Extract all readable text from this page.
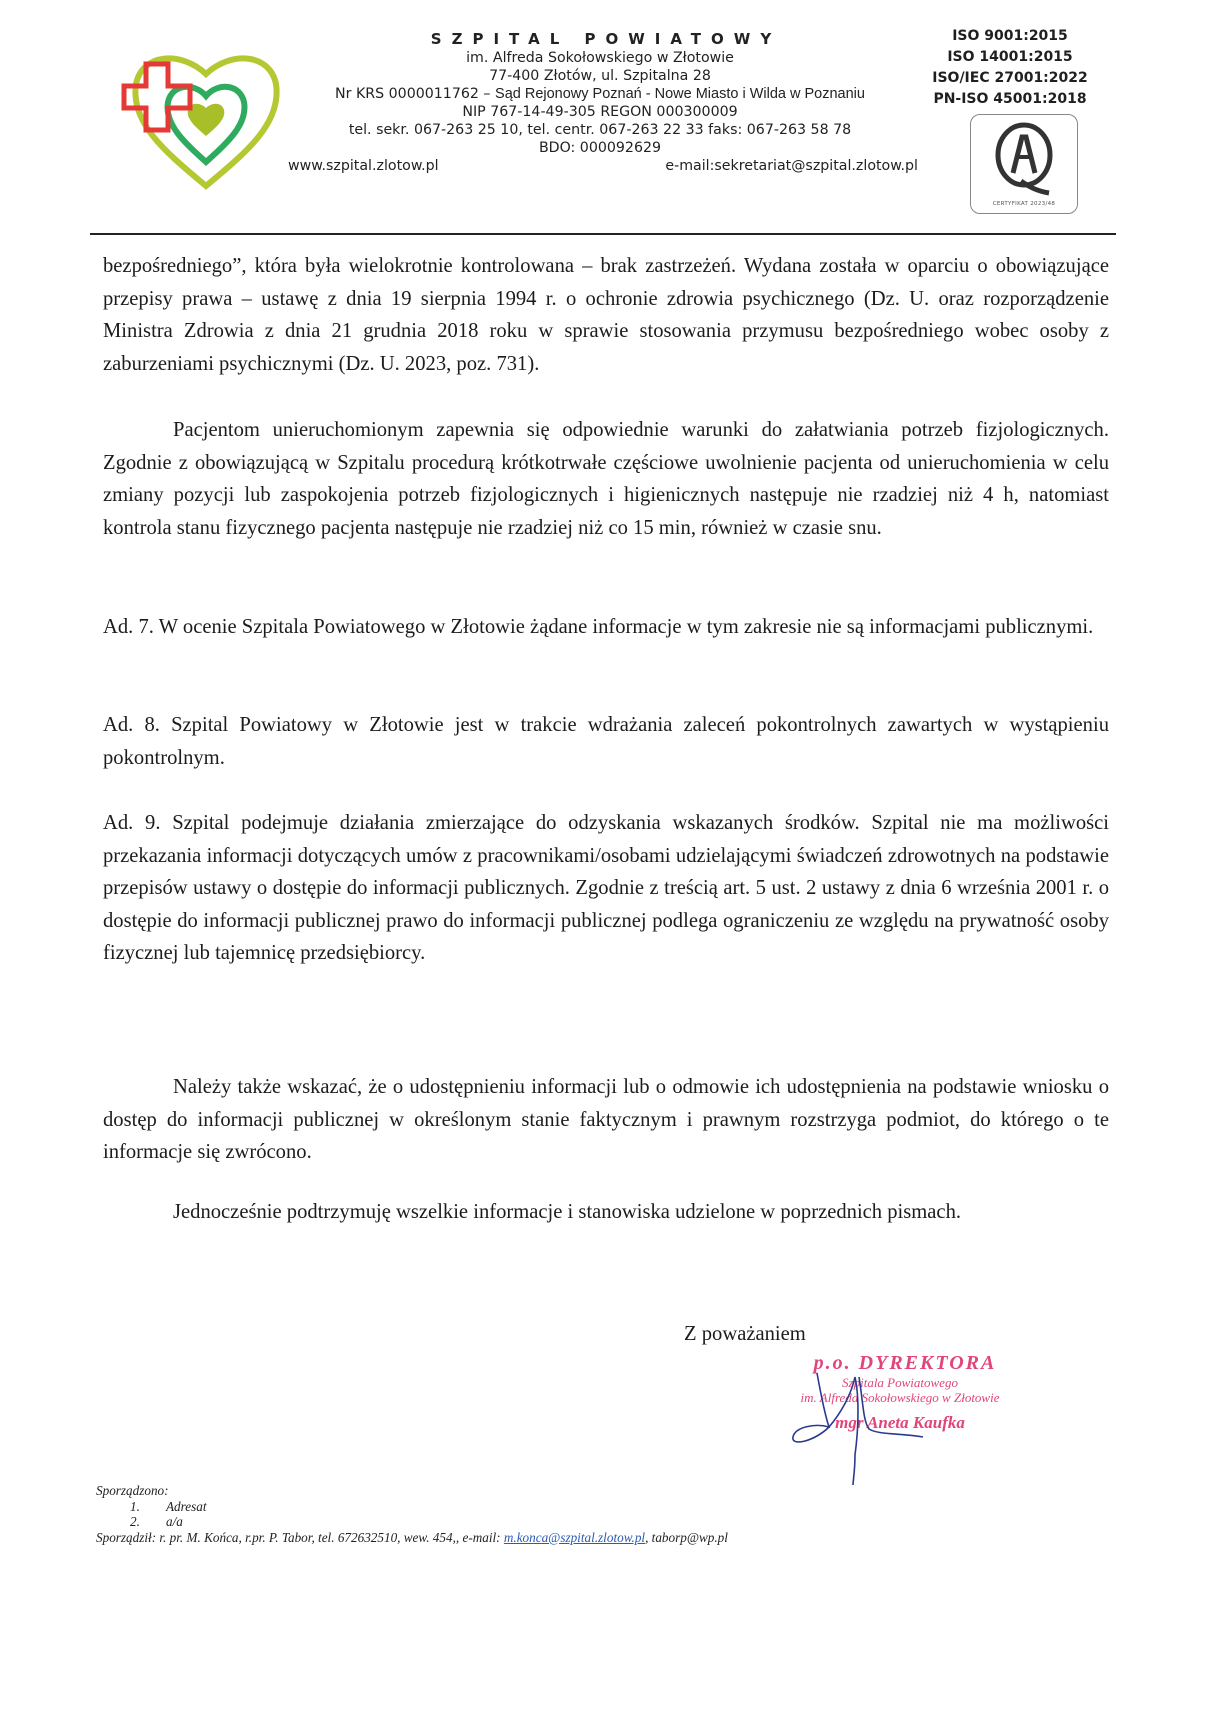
SZPITAL POWIATOWY
im. Alfreda Sokołowskiego w Złotowie
77-400 Złotów, ul. Szpitalna 28
Nr KRS 0000011762 – Sąd Rejonowy Poznań - Nowe Miasto i Wilda w Poznaniu
NIP 767-14-49-305 REGON 000300009
tel. sekr. 067-263 25 10, tel. centr. 067-263 22 33 faks: 067-263 58 78
BDO: 000092629
www.szpital.zlotow.pl	e-mail:sekretariat@szpital.zlotow.pl
ISO 9001:2015
ISO 14001:2015
ISO/IEC 27001:2022
PN-ISO 45001:2018
CERTYFIKAT 2023/48

bezpośredniego”, która była wielokrotnie kontrolowana – brak zastrzeżeń. Wydana została w oparciu o obowiązujące przepisy prawa – ustawę z dnia 19 sierpnia 1994 r. o ochronie zdrowia psychicznego (Dz. U. oraz rozporządzenie Ministra Zdrowia z dnia 21 grudnia 2018 roku w sprawie stosowania przymusu bezpośredniego wobec osoby z zaburzeniami psychicznymi (Dz. U. 2023, poz. 731).

Pacjentom unieruchomionym zapewnia się odpowiednie warunki do załatwiania potrzeb fizjologicznych. Zgodnie z obowiązującą w Szpitalu procedurą krótkotrwałe częściowe uwolnienie pacjenta od unieruchomienia w celu zmiany pozycji lub zaspokojenia potrzeb fizjologicznych i higienicznych następuje nie rzadziej niż 4 h, natomiast kontrola stanu fizycznego pacjenta następuje nie rzadziej niż co 15 min, również w czasie snu.

Ad. 7. W ocenie Szpitala Powiatowego w Złotowie żądane informacje w tym zakresie nie są informacjami publicznymi.

Ad. 8. Szpital Powiatowy w Złotowie jest w trakcie wdrażania zaleceń pokontrolnych zawartych w wystąpieniu pokontrolnym.

Ad. 9. Szpital podejmuje działania zmierzające do odzyskania wskazanych środków. Szpital nie ma możliwości przekazania informacji dotyczących umów z pracownikami/osobami udzielającymi świadczeń zdrowotnych na podstawie przepisów ustawy o dostępie do informacji publicznych. Zgodnie z treścią art. 5 ust. 2 ustawy z dnia 6 września 2001 r. o dostępie do informacji publicznej prawo do informacji publicznej podlega ograniczeniu ze względu na prywatność osoby fizycznej lub tajemnicę przedsiębiorcy.

Należy także wskazać, że o udostępnieniu informacji lub o odmowie ich udostępnienia na podstawie wniosku o dostęp do informacji publicznej w określonym stanie faktycznym i prawnym rozstrzyga podmiot, do którego o te informacje się zwrócono.

Jednocześnie podtrzymuję wszelkie informacje i stanowiska udzielone w poprzednich pismach.

Z poważaniem
p.o. DYREKTORA
Szpitala Powiatowego
im. Alfreda Sokołowskiego w Złotowie
mgr Aneta Kaufka
Sporządzono:
1. Adresat
2. a/a
Sporządził: r. pr. M. Końca, r.pr. P. Tabor, tel. 672632510, wew. 454,, e-mail: m.konca@szpital.zlotow.pl, taborp@wp.pl
